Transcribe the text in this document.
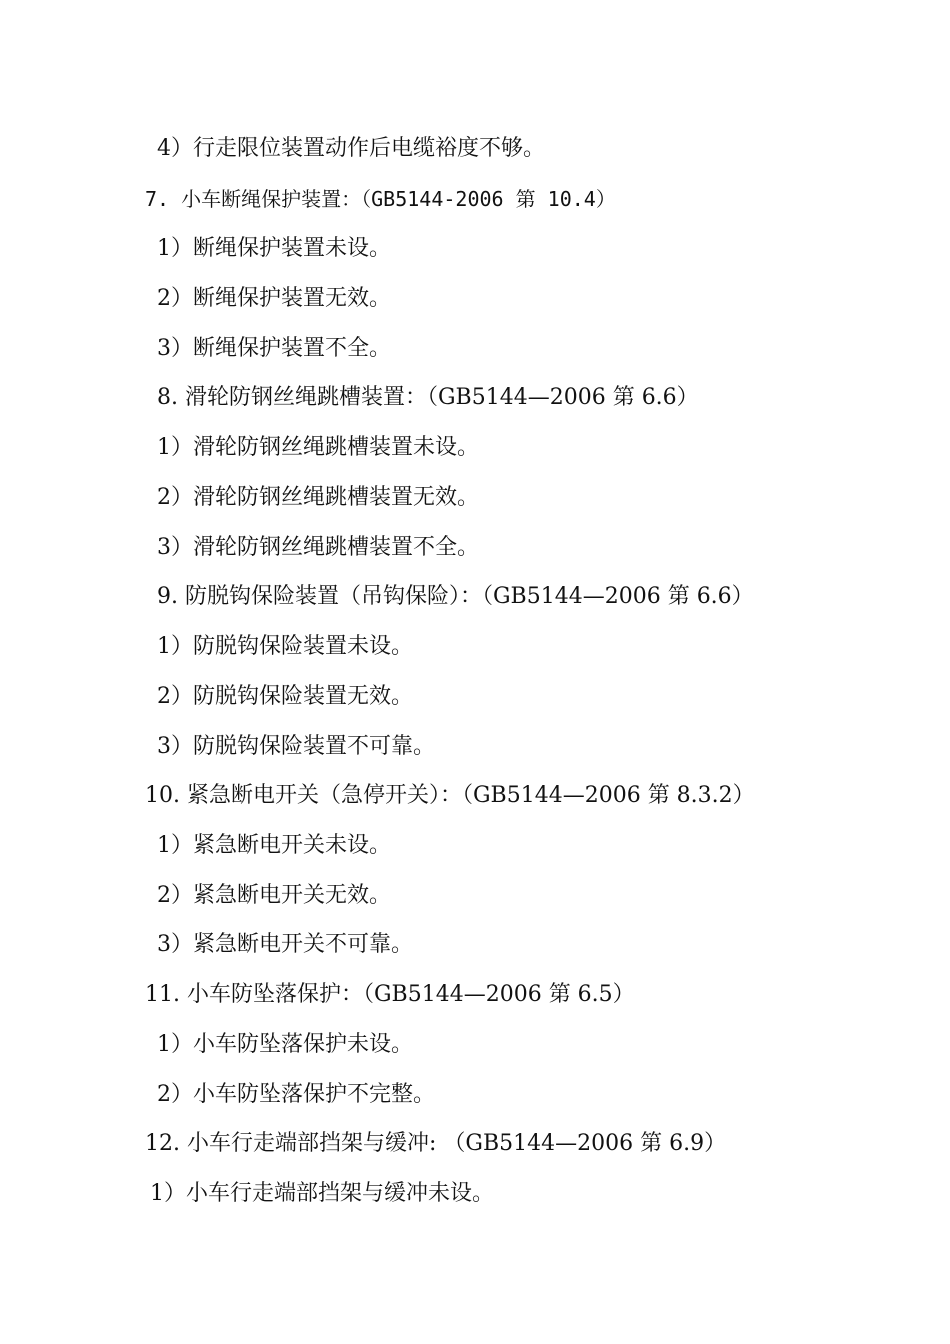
4）行走限位装置动作后电缆裕度不够。
7. 小车断绳保护装置：（GB5144-2006 第 10.4）
1）断绳保护装置未设。
2）断绳保护装置无效。
3）断绳保护装置不全。
8. 滑轮防钢丝绳跳槽装置：（GB5144—2006 第 6.6）
1）滑轮防钢丝绳跳槽装置未设。
2）滑轮防钢丝绳跳槽装置无效。
3）滑轮防钢丝绳跳槽装置不全。
9. 防脱钩保险装置（吊钩保险）：（GB5144—2006 第 6.6）
1）防脱钩保险装置未设。
2）防脱钩保险装置无效。
3）防脱钩保险装置不可靠。
10. 紧急断电开关（急停开关）：（GB5144—2006 第 8.3.2）
1）紧急断电开关未设。
2）紧急断电开关无效。
3）紧急断电开关不可靠。
11. 小车防坠落保护：（GB5144—2006 第 6.5）
1）小车防坠落保护未设。
2）小车防坠落保护不完整。
12. 小车行走端部挡架与缓冲: （GB5144—2006 第 6.9）
1）小车行走端部挡架与缓冲未设。
